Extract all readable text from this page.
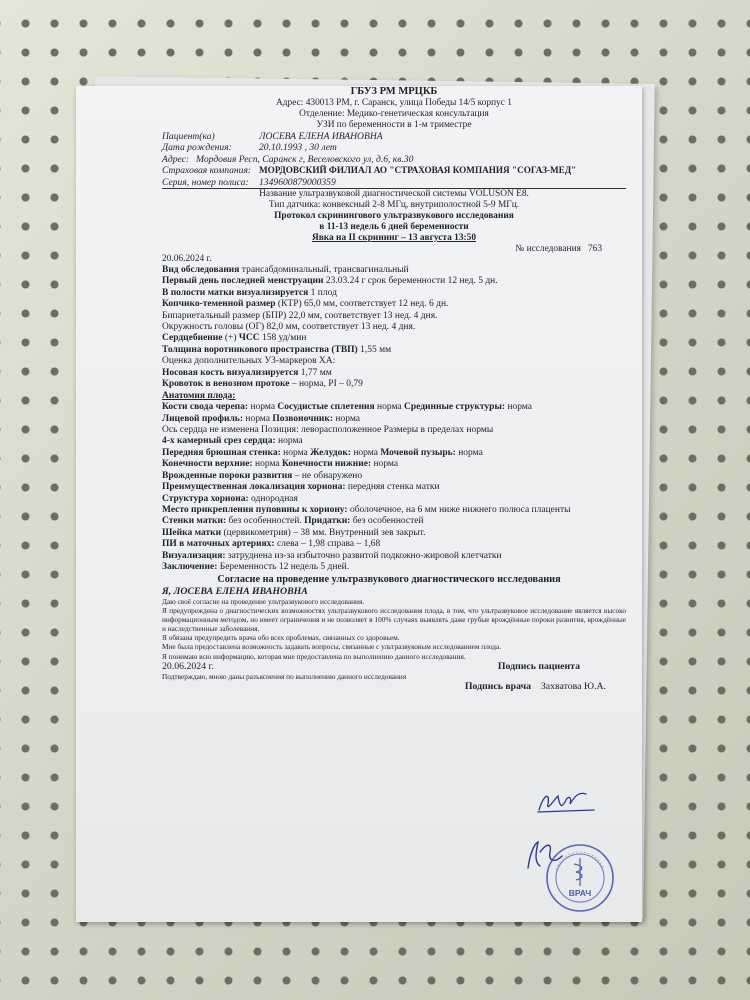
ГБУЗ РМ МРЦКБ
Адрес: 430013 РМ, г. Саранск, улица Победы 14/5 корпус 1
Отделение: Медико-генетическая консультация
УЗИ по беременности в 1-м триместре
Пациент(ка)	ЛОСЕВА ЕЛЕНА ИВАНОВНА
Дата рождения:	20.10.1993 , 30 лет
Адрес: Мордовия Респ, Саранск г, Веселовского ул, д.6, кв.30
Страховая компания: МОРДОВСКИЙ ФИЛИАЛ АО "СТРАХОВАЯ КОМПАНИЯ "СОГАЗ-МЕД"
Серия, номер полиса:	1349600879000359
Название ультразвуковой диагностической системы VOLUSON E8.
Тип датчика: конвексный 2-8 МГц, внутриполостной 5-9 МГц.
Протокол скринингового ультразвукового исследования
в 11-13 недель 6 дней беременности
Явка на II скрининг – 13 августа 13:50
20.06.2024 г.
№ исследования 763
Вид обследования трансабдоминальный, трансвагинальный
Первый день последней менструации 23.03.24 г срок беременности 12 нед. 5 дн.
В полости матки визуализируется 1 плод
Копчико-теменной размер (КТР) 65,0 мм, соответствует 12 нед. 6 дн.
Бипариетальный размер (БПР) 22,0 мм, соответствует 13 нед. 4 дня.
Окружность головы (ОГ) 82,0 мм, соответствует 13 нед. 4 дня.
Сердцебиение (+) ЧСС 158 уд/мин
Толщина воротникового пространства (ТВП) 1,55 мм
Оценка дополнительных УЗ-маркеров ХА:
Носовая кость визуализируется 1,77 мм
Кровоток в венозном протоке – норма, PI – 0,79
Анатомия плода:
Кости свода черепа: норма Сосудистые сплетения норма Срединные структуры: норма
Лицевой профиль: норма Позвоночник: норма
Ось сердца не изменена Позиция: леворасположенное Размеры в пределах нормы
4-х камерный срез сердца: норма
Передняя брюшная стенка: норма Желудок: норма Мочевой пузырь: норма
Конечности верхние: норма Конечности нижние: норма
Врожденные пороки развития – не обнаружено
Преимущественная локализация хориона: передняя стенка матки
Структура хориона: однородная
Место прикрепления пуповины к хориону: оболочечное, на 6 мм ниже нижнего полюса плаценты
Стенки матки: без особенностей. Придатки: без особенностей
Шейка матки (цервикометрия) – 38 мм. Внутренний зев закрыт.
ПИ в маточных артериях: слева – 1,98 справа – 1,68
Визуализация: затруднена из-за избыточно развитой подкожно-жировой клетчатки
Заключение: Беременность 12 недель 5 дней.
Согласие на проведение ультразвукового диагностического исследования
Я, ЛОСЕВА ЕЛЕНА ИВАНОВНА
Даю своё согласие на проведение ультразвукового исследования.
Я предупреждена о диагностических возможностях ультразвукового исследования плода, в том, что ультразвуковое исследование является высоко информационным методом, но имеет ограничения и не позволяет в 100% случаях выявлять даже грубые врождённые пороки развития, врождённые и наследственные заболевания.
Я обязана предупредить врача обо всех проблемах, связанных со здоровьем.
Мне была предоставлена возможность задавать вопросы, связанные с ультразвуковым исследованием плода.
Я понимаю всю информацию, которая мне предоставлена по выполнению данного исследования.
20.06.2024 г.	Подпись пациента
Подтверждаю, мною даны разъяснения по выполнению данного исследования
Подпись врача Захватова Ю.А.
ВРАЧ
